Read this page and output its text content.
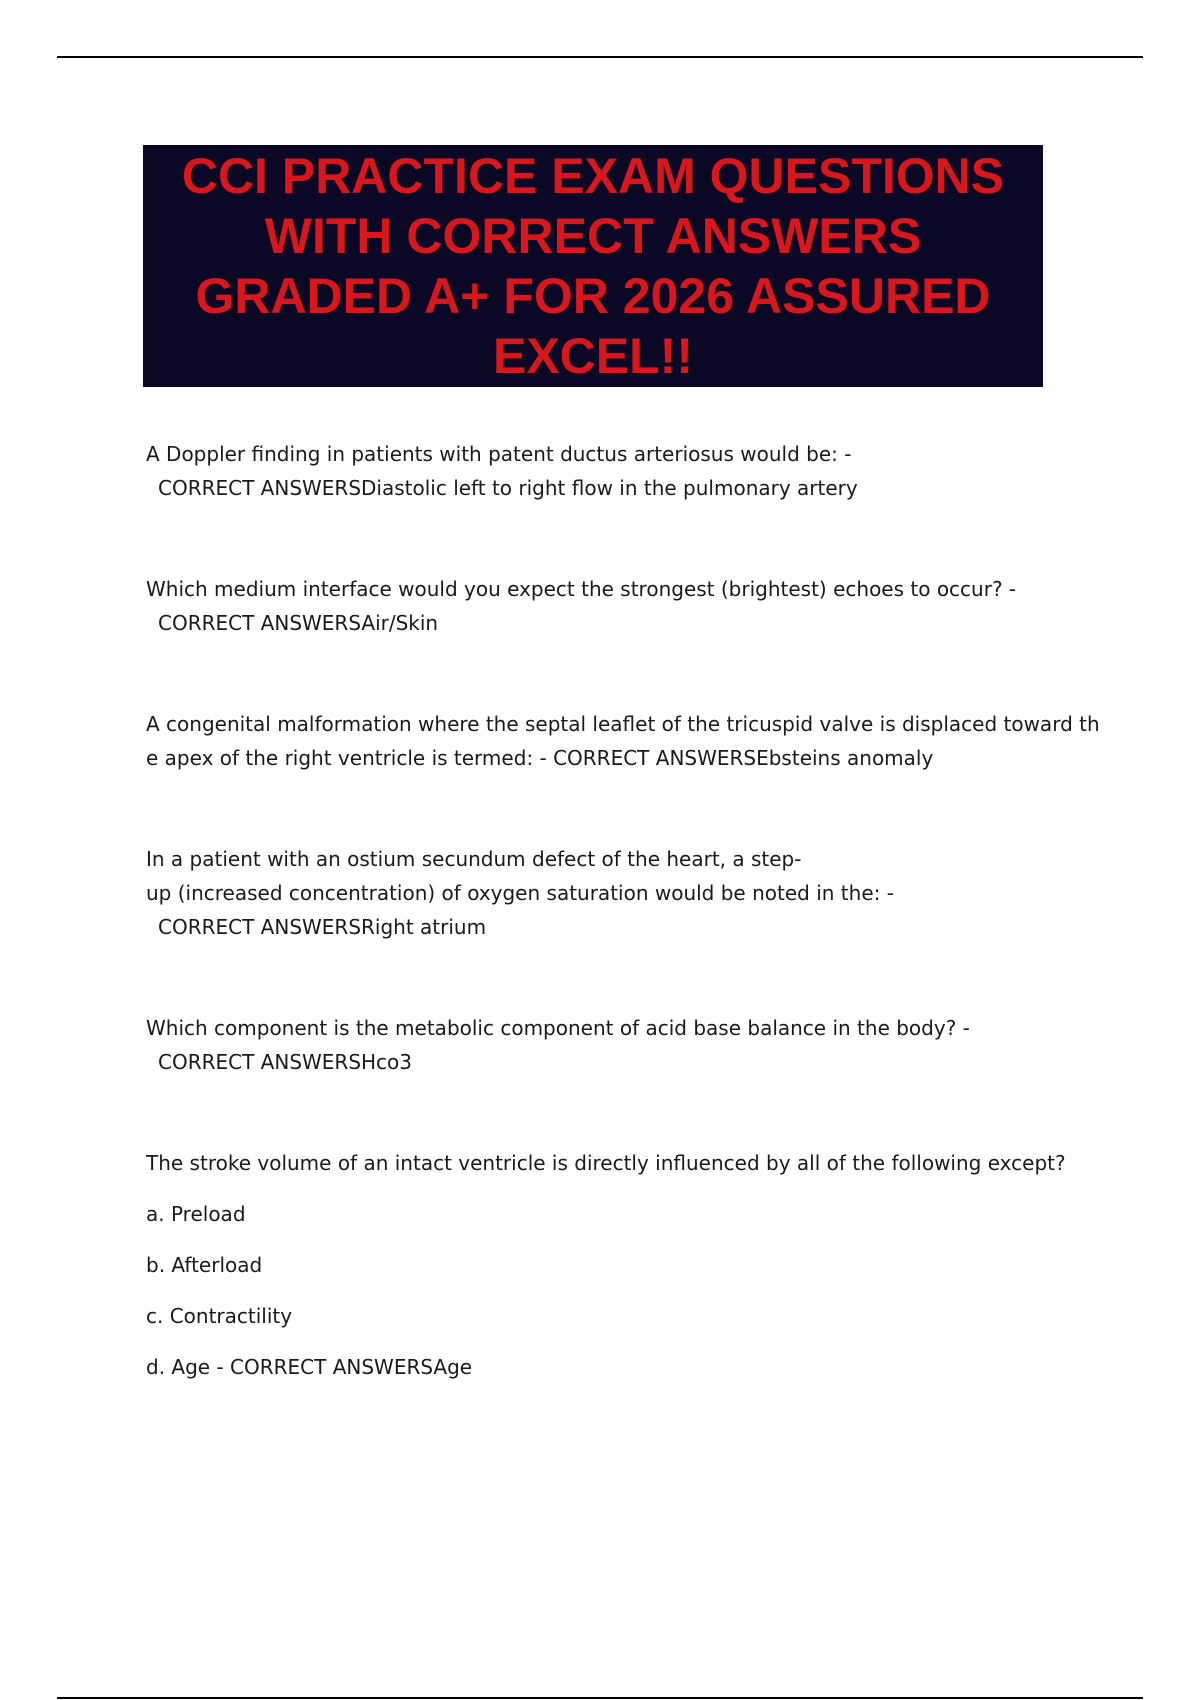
CCI PRACTICE EXAM QUESTIONS
WITH CORRECT ANSWERS
GRADED A+ FOR 2026 ASSURED
EXCEL!!

A Doppler finding in patients with patent ductus arteriosus would be: -

CORRECT ANSWERSDiastolic left to right flow in the pulmonary artery

Which medium interface would you expect the strongest (brightest) echoes to occur? -

CORRECT ANSWERSAir/Skin

A congenital malformation where the septal leaflet of the tricuspid valve is displaced toward th

e apex of the right ventricle is termed: - CORRECT ANSWERSEbsteins anomaly

In a patient with an ostium secundum defect of the heart, a step-

up (increased concentration) of oxygen saturation would be noted in the: -

CORRECT ANSWERSRight atrium

Which component is the metabolic component of acid base balance in the body? -

CORRECT ANSWERSHco3

The stroke volume of an intact ventricle is directly influenced by all of the following except?

a. Preload

b. Afterload

c. Contractility

d. Age - CORRECT ANSWERSAge
